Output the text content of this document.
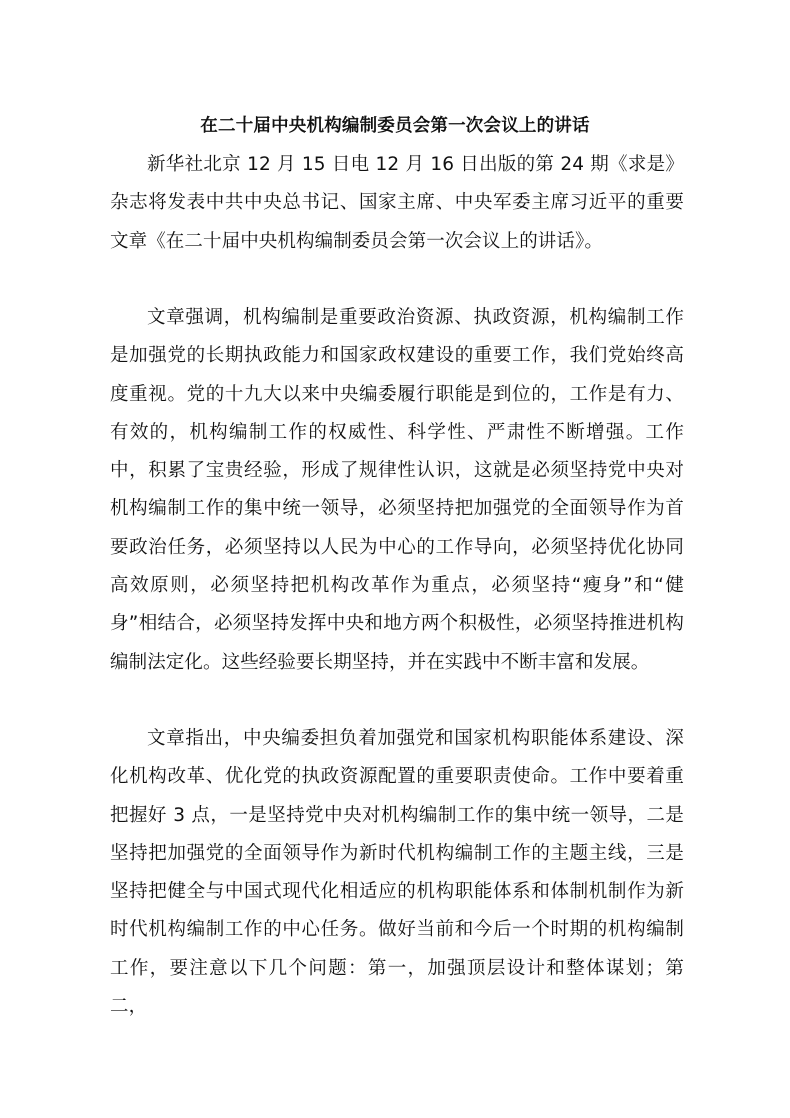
在二十届中央机构编制委员会第一次会议上的讲话

新华社北京 12 月 15 日电 12 月 16 日出版的第 24 期《求是》杂志将发表中共中央总书记、国家主席、中央军委主席习近平的重要文章《在二十届中央机构编制委员会第一次会议上的讲话》。

文章强调，机构编制是重要政治资源、执政资源，机构编制工作是加强党的长期执政能力和国家政权建设的重要工作，我们党始终高度重视。党的十九大以来中央编委履行职能是到位的，工作是有力、有效的，机构编制工作的权威性、科学性、严肃性不断增强。工作中，积累了宝贵经验，形成了规律性认识，这就是必须坚持党中央对机构编制工作的集中统一领导，必须坚持把加强党的全面领导作为首要政治任务，必须坚持以人民为中心的工作导向，必须坚持优化协同高效原则，必须坚持把机构改革作为重点，必须坚持“瘦身”和“健身”相结合，必须坚持发挥中央和地方两个积极性，必须坚持推进机构编制法定化。这些经验要长期坚持，并在实践中不断丰富和发展。

文章指出，中央编委担负着加强党和国家机构职能体系建设、深化机构改革、优化党的执政资源配置的重要职责使命。工作中要着重把握好 3 点，一是坚持党中央对机构编制工作的集中统一领导，二是坚持把加强党的全面领导作为新时代机构编制工作的主题主线，三是坚持把健全与中国式现代化相适应的机构职能体系和体制机制作为新时代机构编制工作的中心任务。做好当前和今后一个时期的机构编制工作，要注意以下几个问题：第一，加强顶层设计和整体谋划；第二，
